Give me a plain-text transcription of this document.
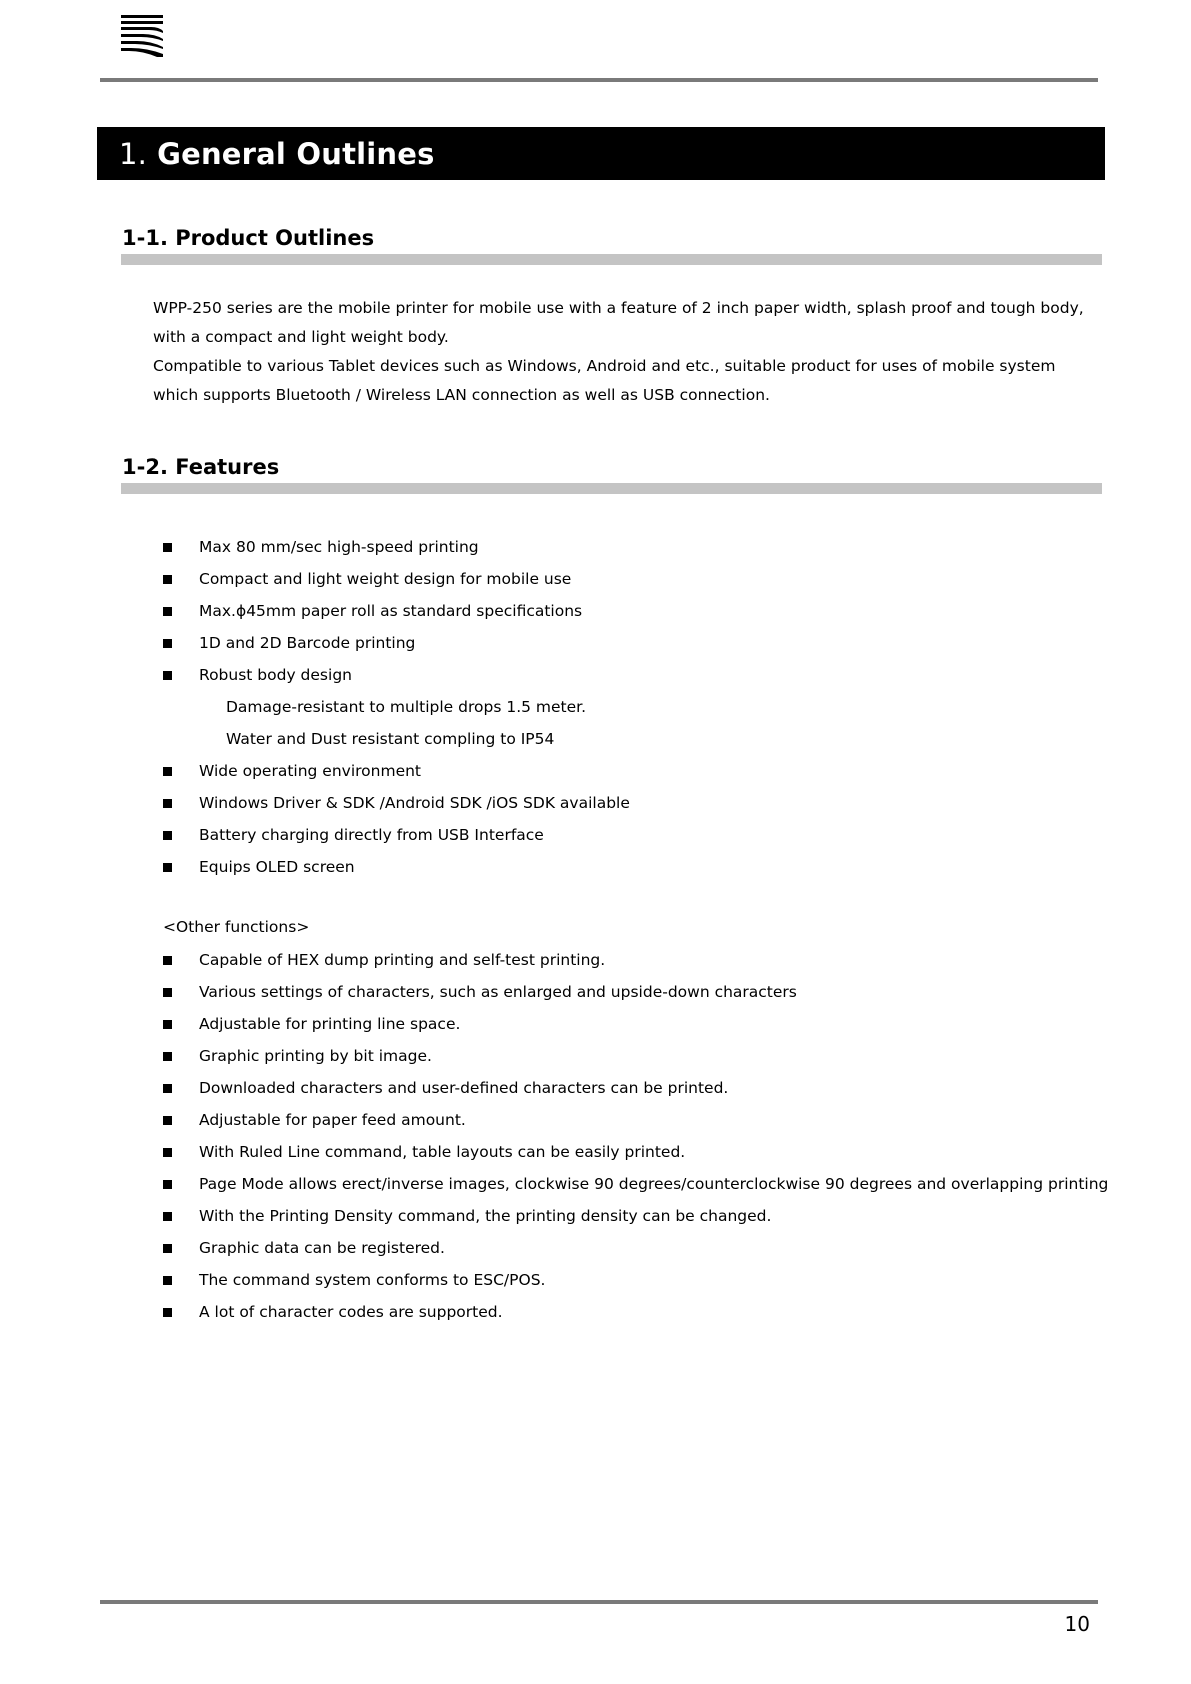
1. General Outlines
1-1. Product Outlines

WPP-250 series are the mobile printer for mobile use with a feature of 2 inch paper width, splash proof and tough body, with a compact and light weight body.

Compatible to various Tablet devices such as Windows, Android and etc., suitable product for uses of mobile system which supports Bluetooth / Wireless LAN connection as well as USB connection.

1-2. Features
Max 80 mm/sec high-speed printing
Compact and light weight design for mobile use
Max.ϕ45mm paper roll as standard specifications
1D and 2D Barcode printing
Robust body design
Damage-resistant to multiple drops 1.5 meter.
Water and Dust resistant compling to IP54
Wide operating environment
Windows Driver & SDK /Android SDK /iOS SDK available
Battery charging directly from USB Interface
Equips OLED screen
<Other functions>
Capable of HEX dump printing and self-test printing.
Various settings of characters, such as enlarged and upside-down characters
Adjustable for printing line space.
Graphic printing by bit image.
Downloaded characters and user-defined characters can be printed.
Adjustable for paper feed amount.
With Ruled Line command, table layouts can be easily printed.
Page Mode allows erect/inverse images, clockwise 90 degrees/counterclockwise 90 degrees and overlapping printing
With the Printing Density command, the printing density can be changed.
Graphic data can be registered.
The command system conforms to ESC/POS.
A lot of character codes are supported.
10
